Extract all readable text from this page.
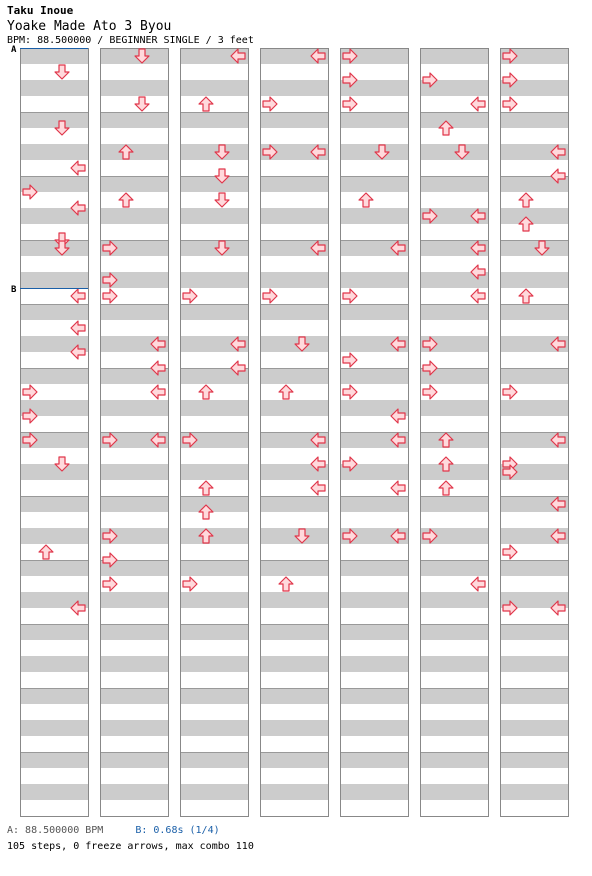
Taku Inoue
Yoake Made Ato 3 Byou
BPM: 88.500000 / BEGINNER SINGLE / 3 feet
A
B
A: 88.500000 BPM	B: 0.68s (1/4)
105 steps, 0 freeze arrows, max combo 110
